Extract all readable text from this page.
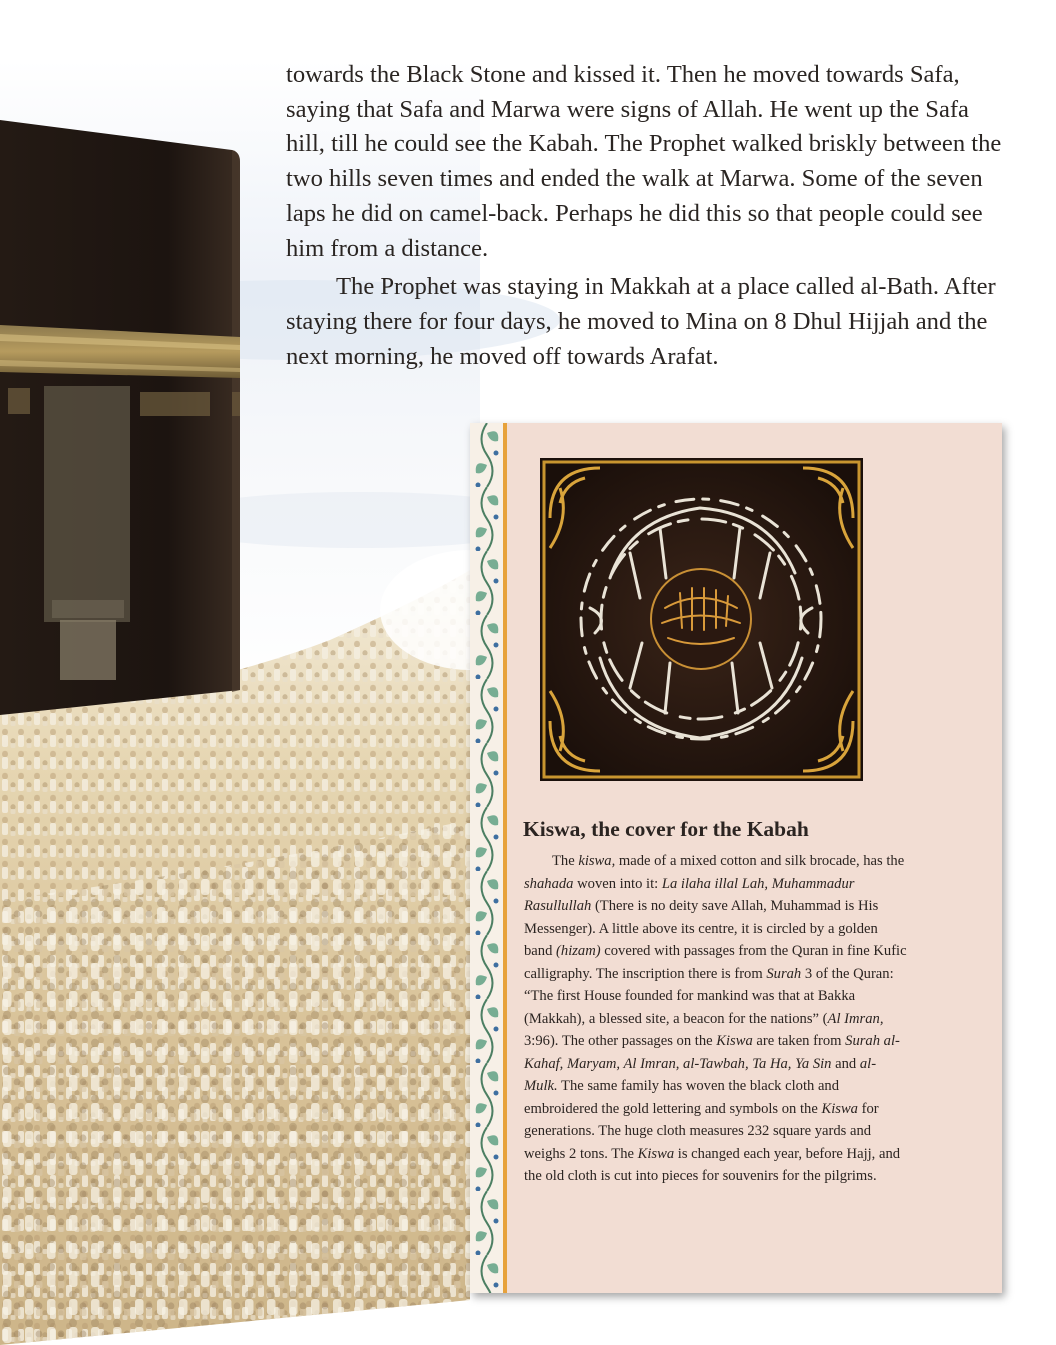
towards the Black Stone and kissed it. Then he moved towards Safa, saying that Safa and Marwa were signs of Allah. He went up the Safa hill, till he could see the Kabah. The Prophet walked briskly between the two hills seven times and ended the walk at Marwa. Some of the seven laps he did on camel-back. Perhaps he did this so that people could see him from a distance.

The Prophet was staying in Makkah at a place called al-Bath. After staying there for four days, he moved to Mina on 8 Dhul Hijjah and the next morning, he moved off towards Arafat.

Kiswa, the cover for the Kabah

The kiswa, made of a mixed cotton and silk brocade, has the shahada woven into it: La ilaha illal Lah, Muhammadur Rasullullah (There is no deity save Allah, Muhammad is His Messenger). A little above its centre, it is circled by a golden band (hizam) covered with passages from the Quran in fine Kufic calligraphy. The inscription there is from Surah 3 of the Quran: “The first House founded for mankind was that at Bakka (Makkah), a blessed site, a beacon for the nations” (Al Imran, 3:96). The other passages on the Kiswa are taken from Surah al-Kahaf, Maryam, Al Imran, al-Tawbah, Ta Ha, Ya Sin and al-Mulk. The same family has woven the black cloth and embroidered the gold lettering and symbols on the Kiswa for generations. The huge cloth measures 232 square yards and weighs 2 tons. The Kiswa is changed each year, before Hajj, and the old cloth is cut into pieces for souvenirs for the pilgrims.
